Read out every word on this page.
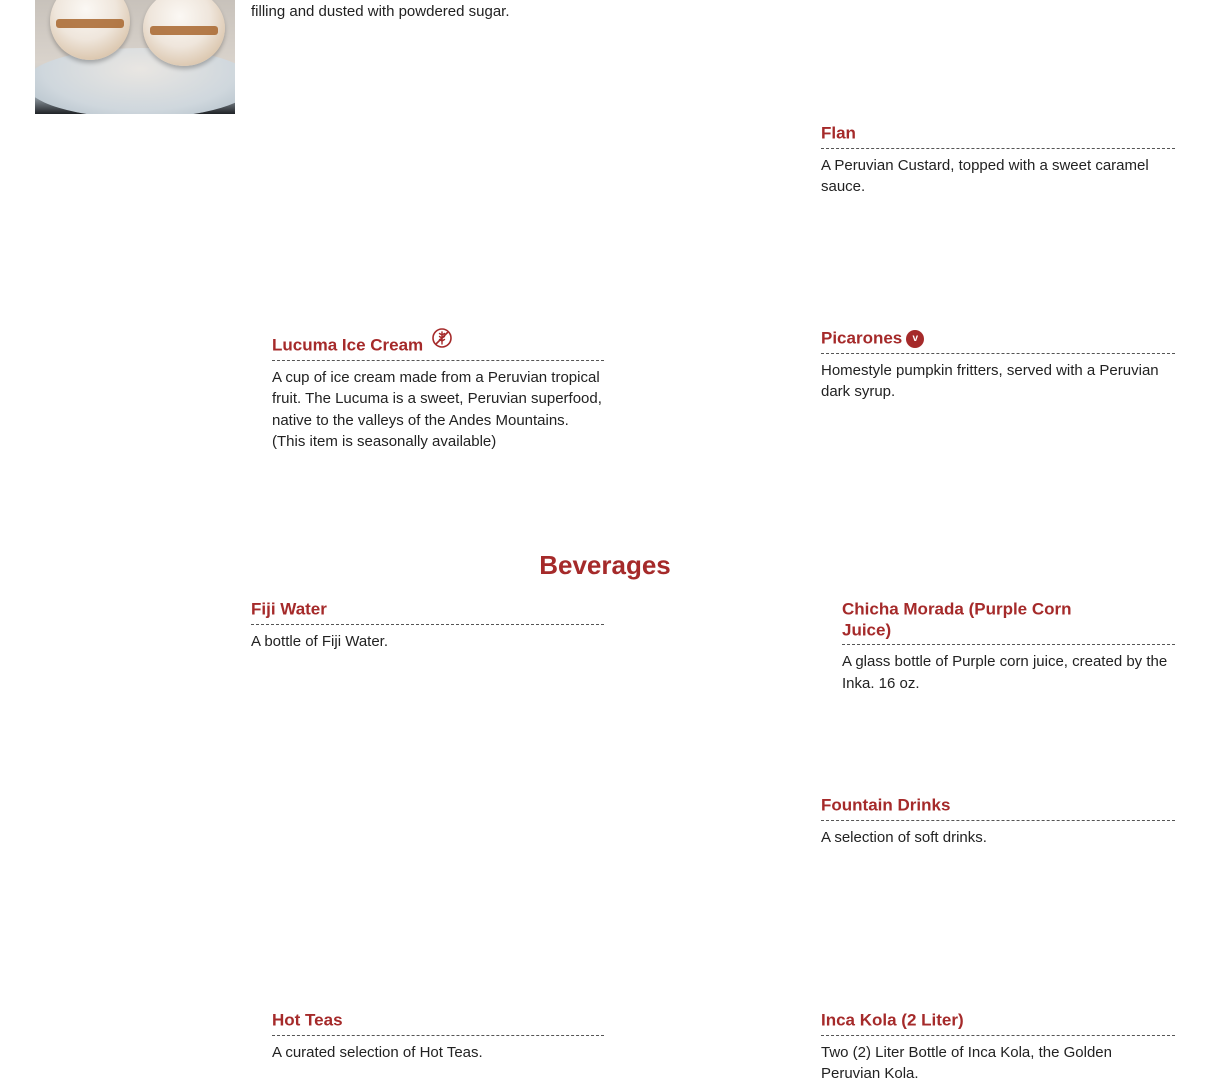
filling and dusted with powdered sugar.

Flan

A Peruvian Custard, topped with a sweet caramel sauce.

Lucuma Ice Cream

A cup of ice cream made from a Peruvian tropical fruit. The Lucuma is a sweet, Peruvian superfood, native to the valleys of the Andes Mountains. (This item is seasonally available)

Picarones v

Homestyle pumpkin fritters, served with a Peruvian dark syrup.

Beverages
Fiji Water

A bottle of Fiji Water.

Chicha Morada (Purple Corn Juice)

A glass bottle of Purple corn juice, created by the Inka. 16 oz.

Fountain Drinks

A selection of soft drinks.

Hot Teas

A curated selection of Hot Teas.

Inca Kola (2 Liter)

Two (2) Liter Bottle of Inca Kola, the Golden Peruvian Kola.
